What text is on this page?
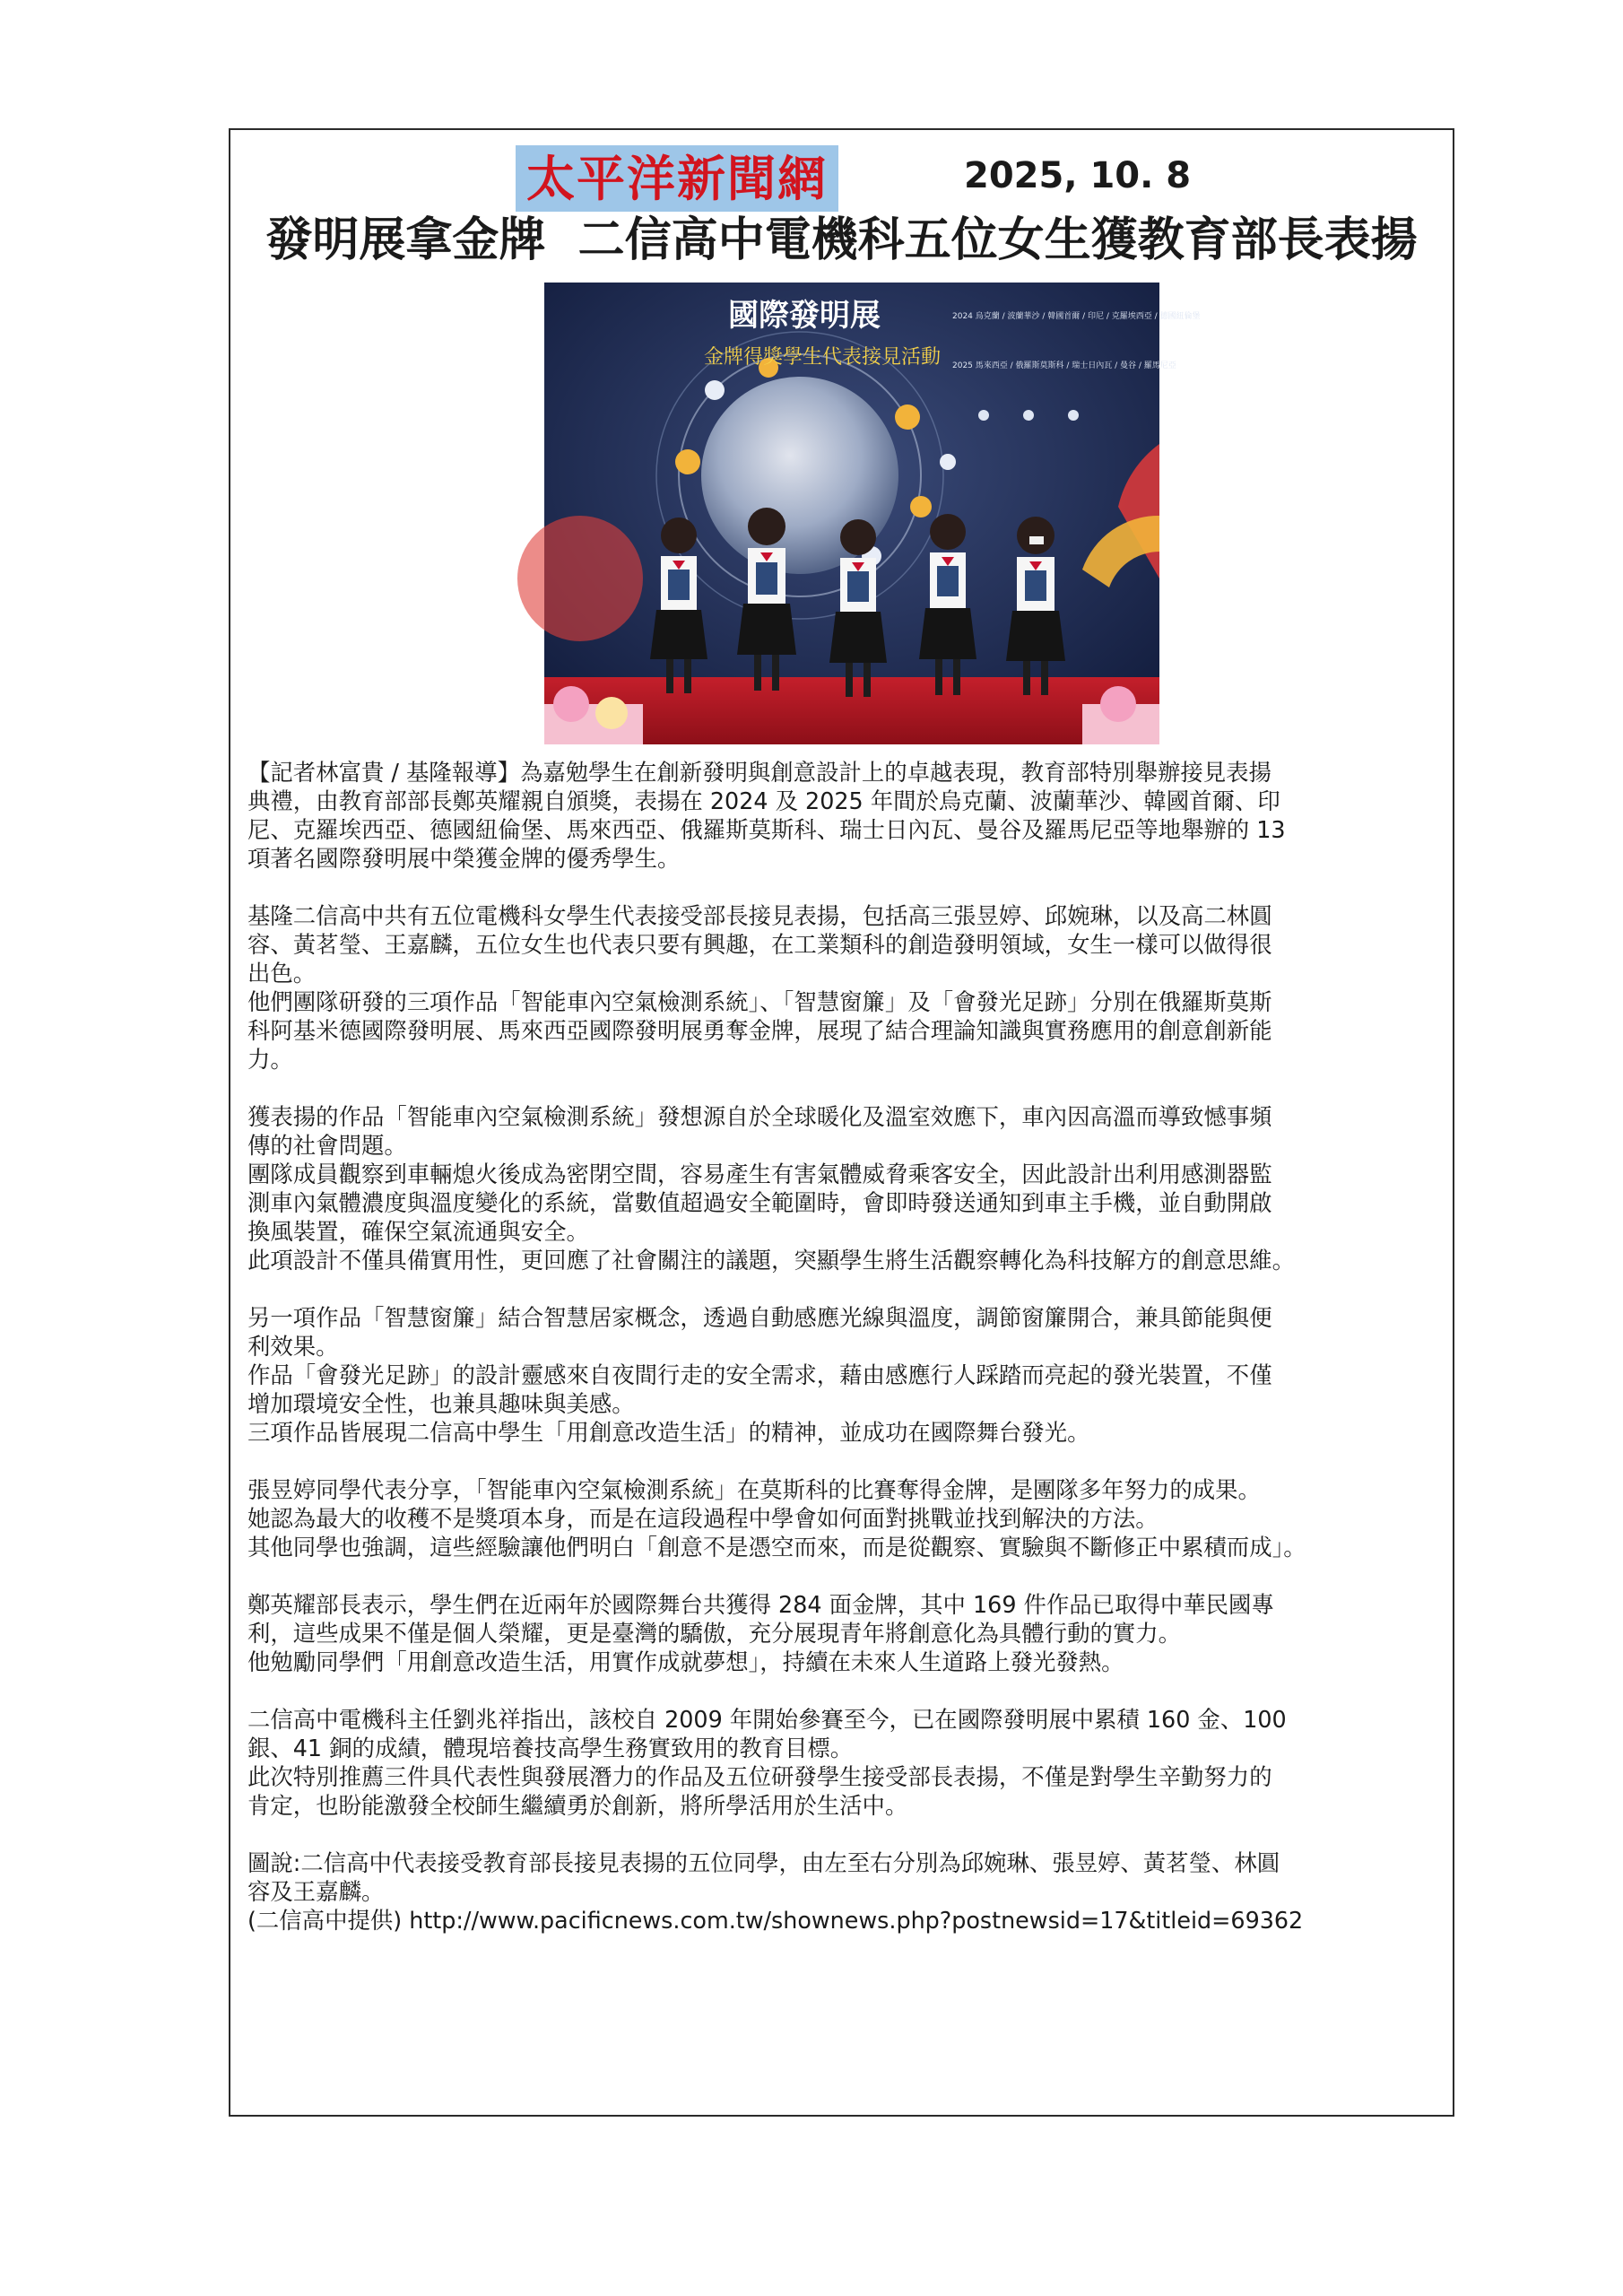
太平洋新聞網	2025, 10. 8
發明展拿金牌  二信高中電機科五位女生獲教育部長表揚
國際發明展
金牌得獎學生代表接見活動
2024 烏克蘭 / 波蘭華沙 / 韓國首爾 / 印尼 / 克羅埃西亞 / 德國紐倫堡
2025 馬來西亞 / 俄羅斯莫斯科 / 瑞士日內瓦 / 曼谷 / 羅馬尼亞

【記者林富貴 / 基隆報導】為嘉勉學生在創新發明與創意設計上的卓越表現，教育部特別舉辦接見表揚

典禮，由教育部部長鄭英耀親自頒獎，表揚在 2024 及 2025 年間於烏克蘭、波蘭華沙、韓國首爾、印

尼、克羅埃西亞、德國紐倫堡、馬來西亞、俄羅斯莫斯科、瑞士日內瓦、曼谷及羅馬尼亞等地舉辦的 13

項著名國際發明展中榮獲金牌的優秀學生。

基隆二信高中共有五位電機科女學生代表接受部長接見表揚，包括高三張昱婷、邱婉琳，以及高二林圓

容、黃茗瑩、王嘉麟，五位女生也代表只要有興趣，在工業類科的創造發明領域，女生一樣可以做得很

出色。

他們團隊研發的三項作品「智能車內空氣檢測系統」、「智慧窗簾」及「會發光足跡」分別在俄羅斯莫斯

科阿基米德國際發明展、馬來西亞國際發明展勇奪金牌，展現了結合理論知識與實務應用的創意創新能

力。

獲表揚的作品「智能車內空氣檢測系統」發想源自於全球暖化及溫室效應下，車內因高溫而導致憾事頻

傳的社會問題。

團隊成員觀察到車輛熄火後成為密閉空間，容易產生有害氣體威脅乘客安全，因此設計出利用感測器監

測車內氣體濃度與溫度變化的系統，當數值超過安全範圍時，會即時發送通知到車主手機，並自動開啟

換風裝置，確保空氣流通與安全。

此項設計不僅具備實用性，更回應了社會關注的議題，突顯學生將生活觀察轉化為科技解方的創意思維。

另一項作品「智慧窗簾」結合智慧居家概念，透過自動感應光線與溫度，調節窗簾開合，兼具節能與便

利效果。

作品「會發光足跡」的設計靈感來自夜間行走的安全需求，藉由感應行人踩踏而亮起的發光裝置，不僅

增加環境安全性，也兼具趣味與美感。

三項作品皆展現二信高中學生「用創意改造生活」的精神，並成功在國際舞台發光。

張昱婷同學代表分享，「智能車內空氣檢測系統」在莫斯科的比賽奪得金牌，是團隊多年努力的成果。

她認為最大的收穫不是獎項本身，而是在這段過程中學會如何面對挑戰並找到解決的方法。

其他同學也強調，這些經驗讓他們明白「創意不是憑空而來，而是從觀察、實驗與不斷修正中累積而成」。

鄭英耀部長表示，學生們在近兩年於國際舞台共獲得 284 面金牌，其中 169 件作品已取得中華民國專

利，這些成果不僅是個人榮耀，更是臺灣的驕傲，充分展現青年將創意化為具體行動的實力。

他勉勵同學們「用創意改造生活，用實作成就夢想」，持續在未來人生道路上發光發熱。

二信高中電機科主任劉兆祥指出，該校自 2009 年開始參賽至今，已在國際發明展中累積 160 金、100

銀、41 銅的成績，體現培養技高學生務實致用的教育目標。

此次特別推薦三件具代表性與發展潛力的作品及五位研發學生接受部長表揚，不僅是對學生辛勤努力的

肯定，也盼能激發全校師生繼續勇於創新，將所學活用於生活中。

圖說:二信高中代表接受教育部長接見表揚的五位同學，由左至右分別為邱婉琳、張昱婷、黃茗瑩、林圓

容及王嘉麟。

(二信高中提供) http://www.pacificnews.com.tw/shownews.php?postnewsid=17&titleid=69362
